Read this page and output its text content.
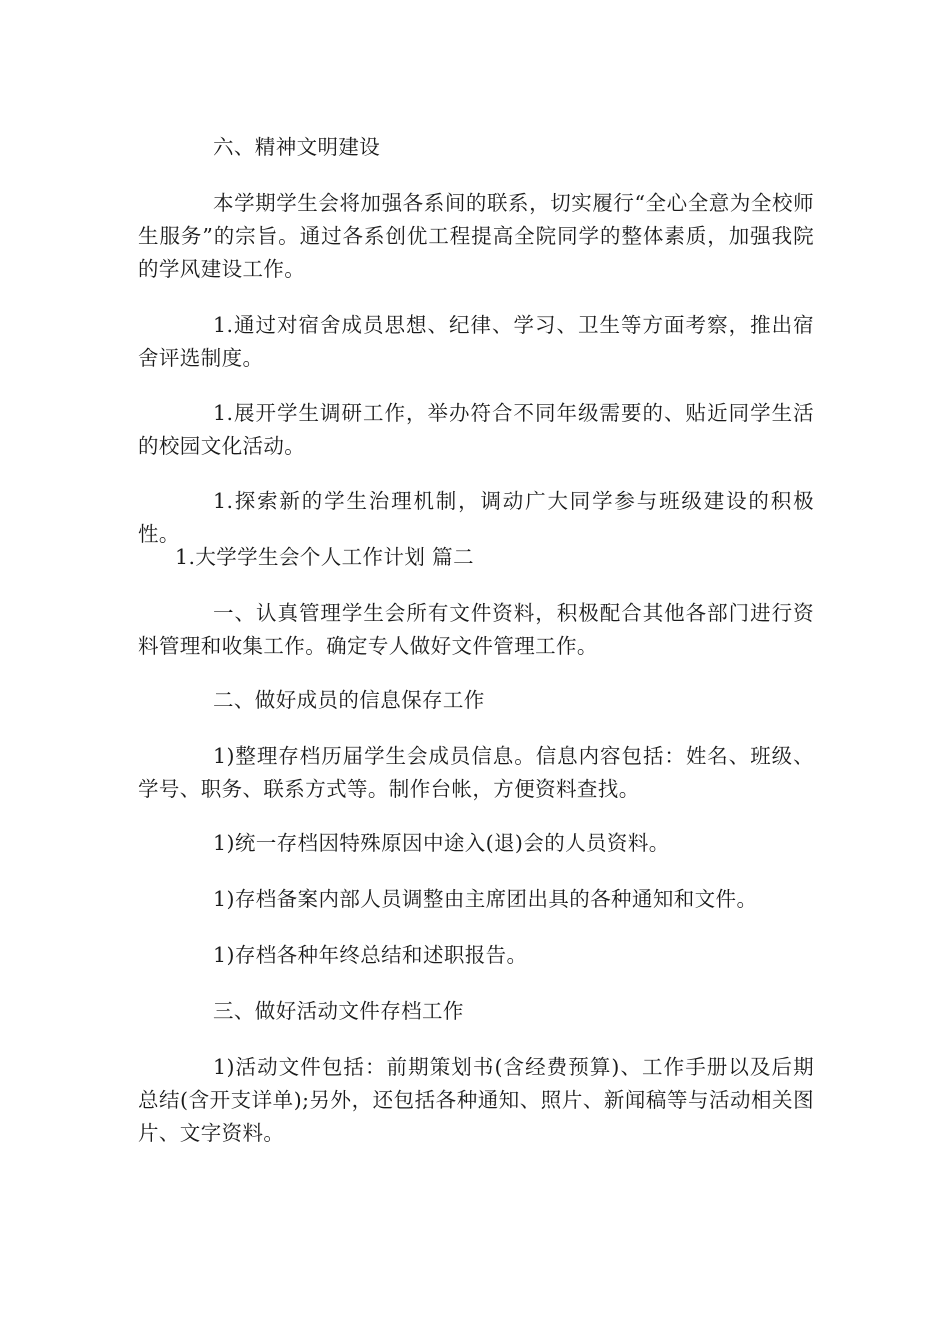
六、精神文明建设

本学期学生会将加强各系间的联系，切实履行“全心全意为全校师生服务”的宗旨。通过各系创优工程提高全院同学的整体素质，加强我院的学风建设工作。

1.通过对宿舍成员思想、纪律、学习、卫生等方面考察，推出宿舍评选制度。

1.展开学生调研工作，举办符合不同年级需要的、贴近同学生活的校园文化活动。

1.探索新的学生治理机制，调动广大同学参与班级建设的积极性。

1.大学学生会个人工作计划 篇二

一、认真管理学生会所有文件资料，积极配合其他各部门进行资料管理和收集工作。确定专人做好文件管理工作。

二、做好成员的信息保存工作

1)整理存档历届学生会成员信息。信息内容包括：姓名、班级、学号、职务、联系方式等。制作台帐，方便资料查找。

1)统一存档因特殊原因中途入(退)会的人员资料。

1)存档备案内部人员调整由主席团出具的各种通知和文件。

1)存档各种年终总结和述职报告。

三、做好活动文件存档工作

1)活动文件包括：前期策划书(含经费预算)、工作手册以及后期总结(含开支详单);另外，还包括各种通知、照片、新闻稿等与活动相关图片、文字资料。
